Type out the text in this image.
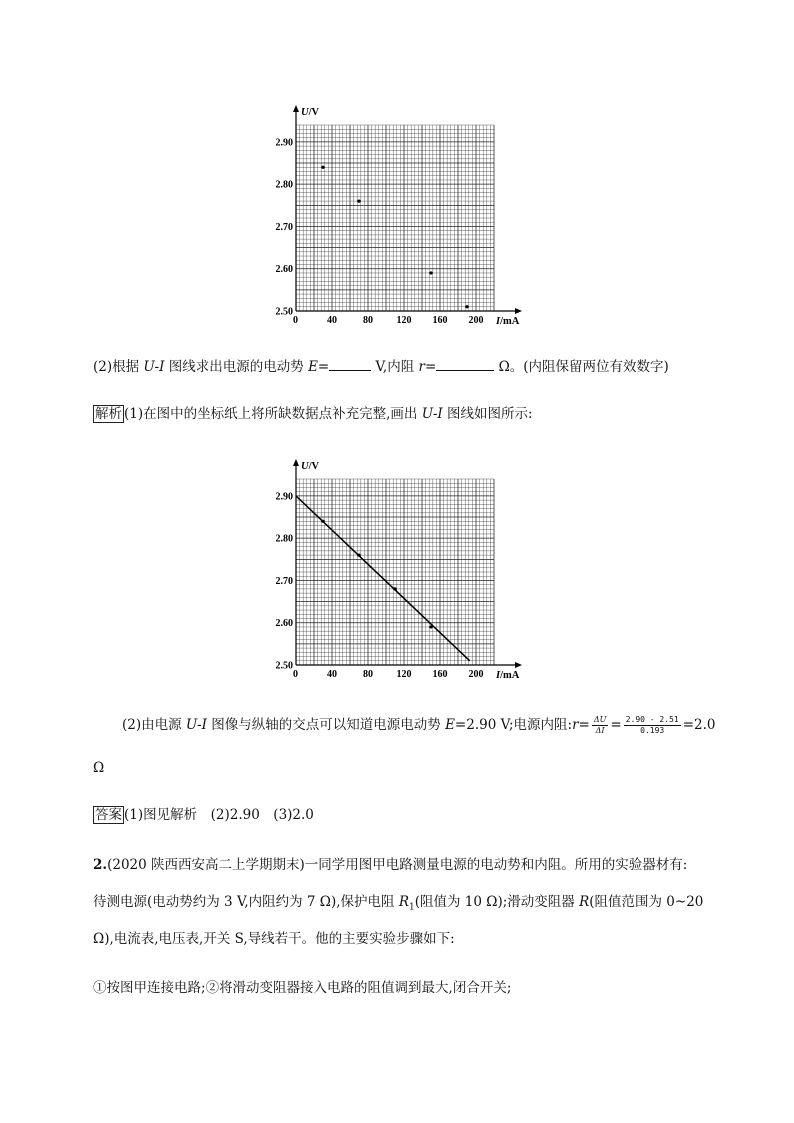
U/V
I/mA
0
2.90
2.80
2.70
2.60
2.50
40	80 120 160 200
(2)根据 U-I 图线求出电源的电动势 E=	V,内阻 r=	Ω。(内阻保留两位有效数字)
解析 (1)在图中的坐标纸上将所缺数据点补充完整,画出 U-I 图线如图所示:
U/V
I/mA
0
2.90
2.80
2.70
2.60
2.50
40	80 120 160 200
(2)由电源 U-I 图像与纵轴的交点可以知道电源电动势 E=2.90 V;电源内阻:r= $\frac{\Delta U}{\Delta I} = \frac{2.90 - 2.51}{0.193} =2.0$
Ω
答案 (1)图见解析　(2)2.90　(3)2.0
2.(2020 陕西西安高二上学期期末)一同学用图甲电路测量电源的电动势和内阻。所用的实验器材有:
待测电源(电动势约为 3 V,内阻约为 7 Ω),保护电阻 $R_1$(阻值为 10 Ω);滑动变阻器 R(阻值范围为 0~20
Ω),电流表,电压表,开关 S,导线若干。他的主要实验步骤如下:
①按图甲连接电路;②将滑动变阻器接入电路的阻值调到最大,闭合开关;
